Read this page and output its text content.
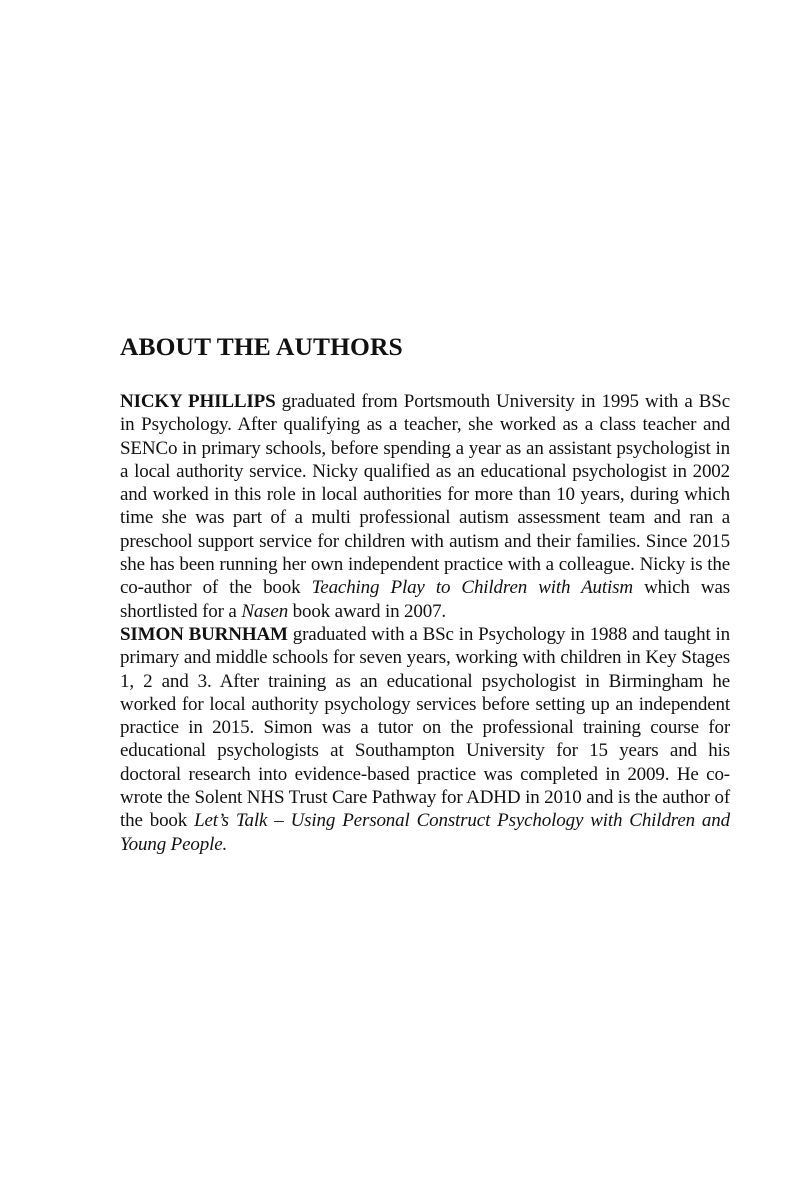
ABOUT THE AUTHORS

NICKY PHILLIPS graduated from Portsmouth University in 1995 with a BSc in Psychology. After qualifying as a teacher, she worked as a class teacher and SENCo in primary schools, before spending a year as an assistant psychologist in a local authority service. Nicky qualified as an educational psychologist in 2002 and worked in this role in local authorities for more than 10 years, during which time she was part of a multi professional autism assessment team and ran a preschool support service for children with autism and their families. Since 2015 she has been running her own independent practice with a colleague. Nicky is the co-author of the book Teaching Play to Children with Autism which was shortlisted for a Nasen book award in 2007.

SIMON BURNHAM graduated with a BSc in Psychology in 1988 and taught in primary and middle schools for seven years, working with children in Key Stages 1, 2 and 3. After training as an educational psychologist in Birmingham he worked for local authority psychology services before setting up an independent practice in 2015. Simon was a tutor on the professional training course for educational psychologists at Southampton University for 15 years and his doctoral research into evidence-based practice was completed in 2009. He co-wrote the Solent NHS Trust Care Pathway for ADHD in 2010 and is the author of the book Let’s Talk – Using Personal Construct Psychology with Children and Young People.
